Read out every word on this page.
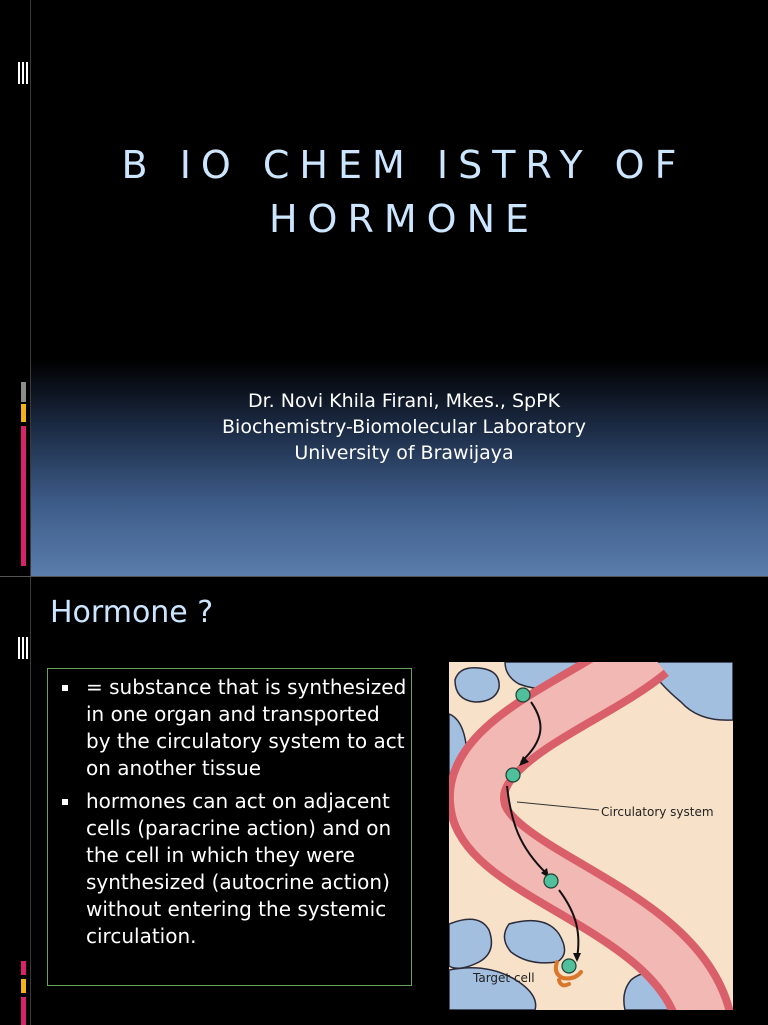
B IO CHEM ISTRY OF
HORMONE
Dr. Novi Khila Firani, Mkes., SpPK
Biochemistry-Biomolecular Laboratory
University of Brawijaya
Hormone ?
= substance that is synthesized in one organ and transported by the circulatory system to act on another tissue
hormones can act on adjacent cells (paracrine action) and on the cell in which they were synthesized (autocrine action) without entering the systemic circulation.
Circulatory system
Target cell
